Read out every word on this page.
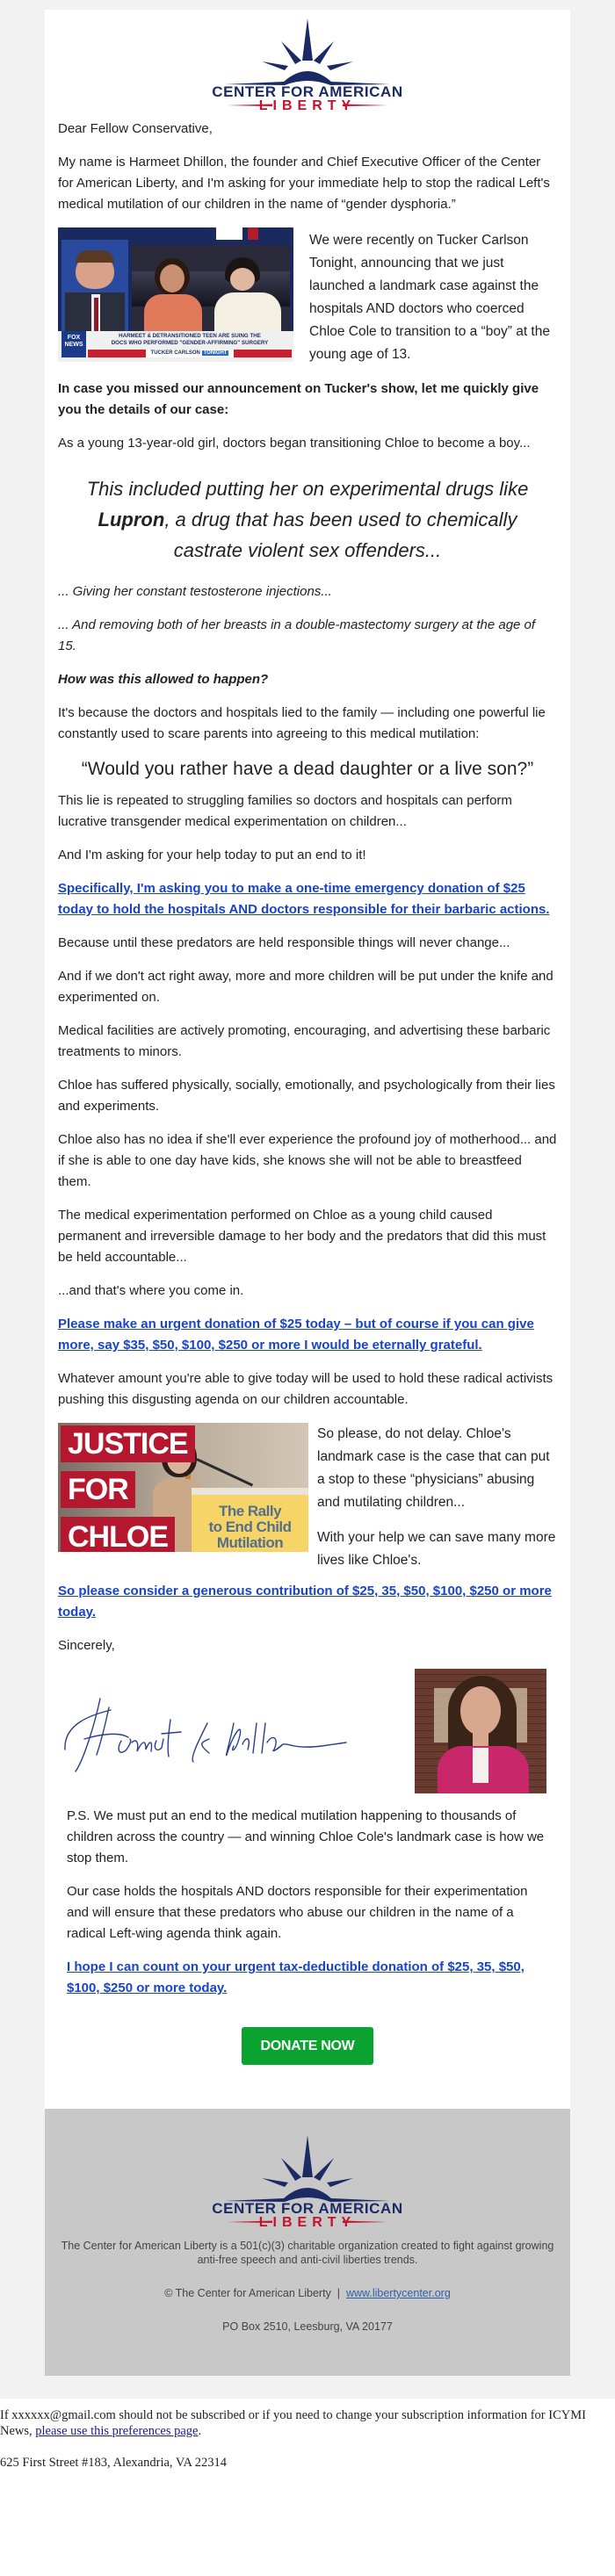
CENTER FOR AMERICAN
LIBERTY

Dear Fellow Conservative,

My name is Harmeet Dhillon, the founder and Chief Executive Officer of the Center for American Liberty, and I'm asking for your immediate help to stop the radical Left's medical mutilation of our children in the name of “gender dysphoria.”

FOX NEWS
HARMEET & DETRANSITIONED TEEN ARE SUING THE
DOCS WHO PERFORMED "GENDER-AFFIRMING" SURGERY
TUCKER CARLSON TONIGHT
We were recently on Tucker Carlson Tonight, announcing that we just launched a landmark case against the hospitals AND doctors who coerced Chloe Cole to transition to a “boy” at the young age of 13.

In case you missed our announcement on Tucker's show, let me quickly give you the details of our case:

As a young 13-year-old girl, doctors began transitioning Chloe to become a boy...

This included putting her on experimental drugs like Lupron, a drug that has been used to chemically castrate violent sex offenders...

... Giving her constant testosterone injections...

... And removing both of her breasts in a double-mastectomy surgery at the age of 15.

How was this allowed to happen?

It's because the doctors and hospitals lied to the family — including one powerful lie constantly used to scare parents into agreeing to this medical mutilation:

“Would you rather have a dead daughter or a live son?”

This lie is repeated to struggling families so doctors and hospitals can perform lucrative transgender medical experimentation on children...

And I'm asking for your help today to put an end to it!

Specifically, I'm asking you to make a one-time emergency donation of $25 today to hold the hospitals AND doctors responsible for their barbaric actions.

Because until these predators are held responsible things will never change...

And if we don't act right away, more and more children will be put under the knife and experimented on.

Medical facilities are actively promoting, encouraging, and advertising these barbaric treatments to minors.

Chloe has suffered physically, socially, emotionally, and psychologically from their lies and experiments.

Chloe also has no idea if she'll ever experience the profound joy of motherhood... and if she is able to one day have kids, she knows she will not be able to breastfeed them.

The medical experimentation performed on Chloe as a young child caused permanent and irreversible damage to her body and the predators that did this must be held accountable...

...and that's where you come in.

Please make an urgent donation of $25 today – but of course if you can give more, say $35, $50, $100, $250 or more I would be eternally grateful.

Whatever amount you're able to give today will be used to hold these radical activists pushing this disgusting agenda on our children accountable.

The Rally
to End Child
Mutilation
JUSTICE
FOR
CHLOE

So please, do not delay. Chloe's landmark case is the case that can put a stop to these “physicians” abusing and mutilating children...

With your help we can save many more lives like Chloe's.

So please consider a generous contribution of $25, 35, $50, $100, $250 or more today.

Sincerely,

P.S. We must put an end to the medical mutilation happening to thousands of children across the country — and winning Chloe Cole's landmark case is how we stop them.

Our case holds the hospitals AND doctors responsible for their experimentation and will ensure that these predators who abuse our children in the name of a radical Left-wing agenda think again.

I hope I can count on your urgent tax-deductible donation of $25, 35, $50, $100, $250 or more today.

DONATE NOW
CENTER FOR AMERICAN
LIBERTY

The Center for American Liberty is a 501(c)(3) charitable organization created to fight against growing anti-free speech and anti-civil liberties trends.

© The Center for American Liberty  |  www.libertycenter.org

PO Box 2510, Leesburg, VA 20177

If xxxxxx@gmail.com should not be subscribed or if you need to change your subscription information for ICYMI News, please use this preferences page.

625 First Street #183, Alexandria, VA 22314
